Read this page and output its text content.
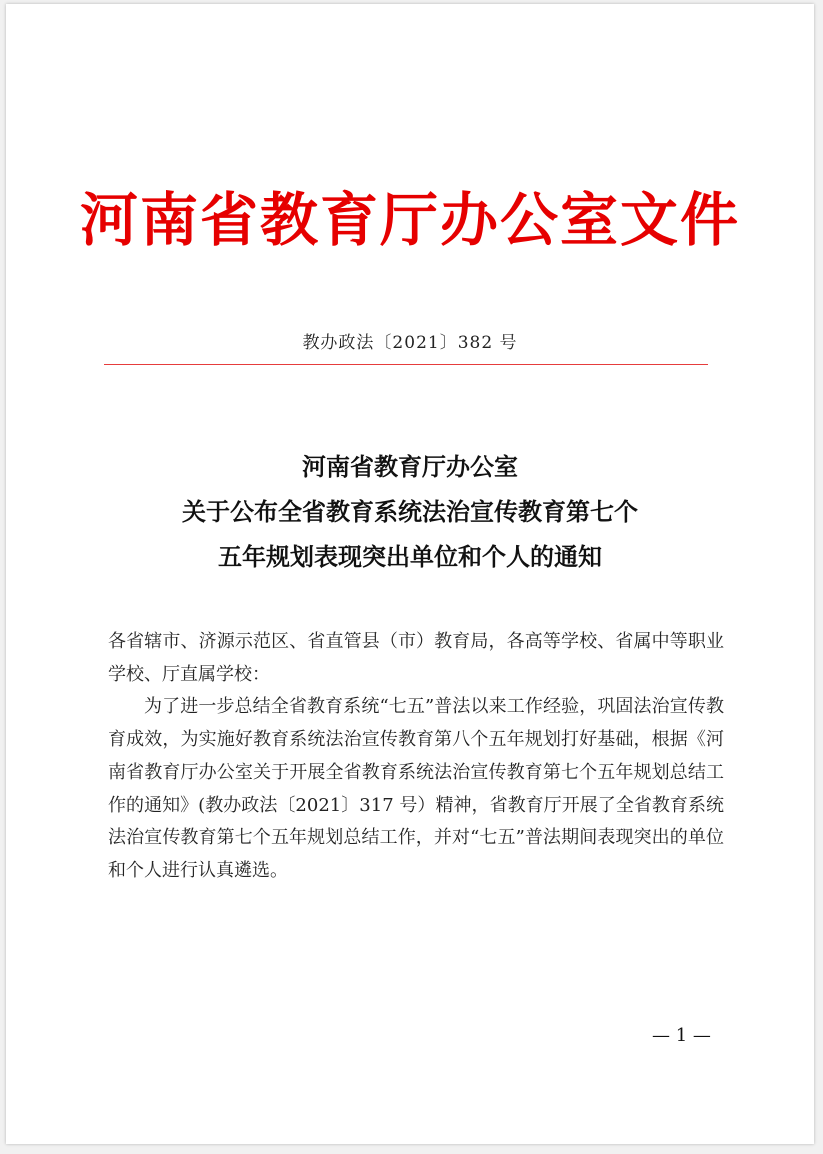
河南省教育厅办公室文件
教办政法〔2021〕382 号
河南省教育厅办公室
关于公布全省教育系统法治宣传教育第七个
五年规划表现突出单位和个人的通知

各省辖市、济源示范区、省直管县（市）教育局，各高等学校、省属中等职业学校、厅直属学校：

为了进一步总结全省教育系统“七五”普法以来工作经验，巩固法治宣传教育成效，为实施好教育系统法治宣传教育第八个五年规划打好基础，根据《河南省教育厅办公室关于开展全省教育系统法治宣传教育第七个五年规划总结工作的通知》(教办政法〔2021〕317 号）精神，省教育厅开展了全省教育系统法治宣传教育第七个五年规划总结工作，并对“七五”普法期间表现突出的单位和个人进行认真遴选。

— 1 —
